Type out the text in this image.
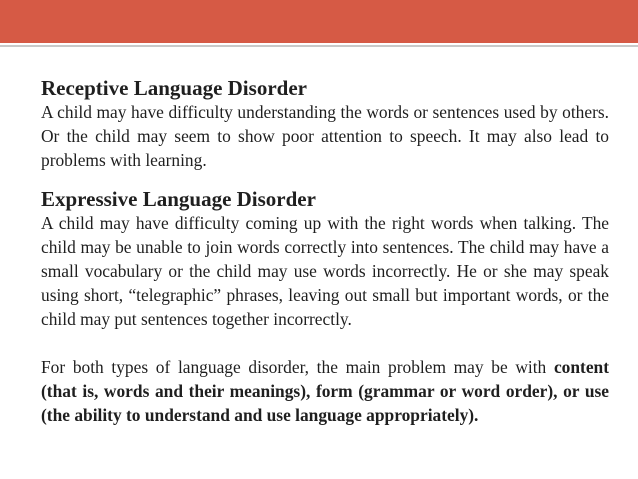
Receptive Language Disorder

A child may have difficulty understanding the words or sentences used by others. Or the child may seem to show poor attention to speech. It may also lead to problems with learning.

Expressive Language Disorder

A child may have difficulty coming up with the right words when talking. The child may be unable to join words correctly into sentences. The child may have a small vocabulary or the child may use words incorrectly. He or she may speak using short, “telegraphic” phrases, leaving out small but important words, or the child may put sentences together incorrectly.

For both types of language disorder, the main problem may be with content (that is, words and their meanings), form (grammar or word order), or use (the ability to understand and use language appropriately).
